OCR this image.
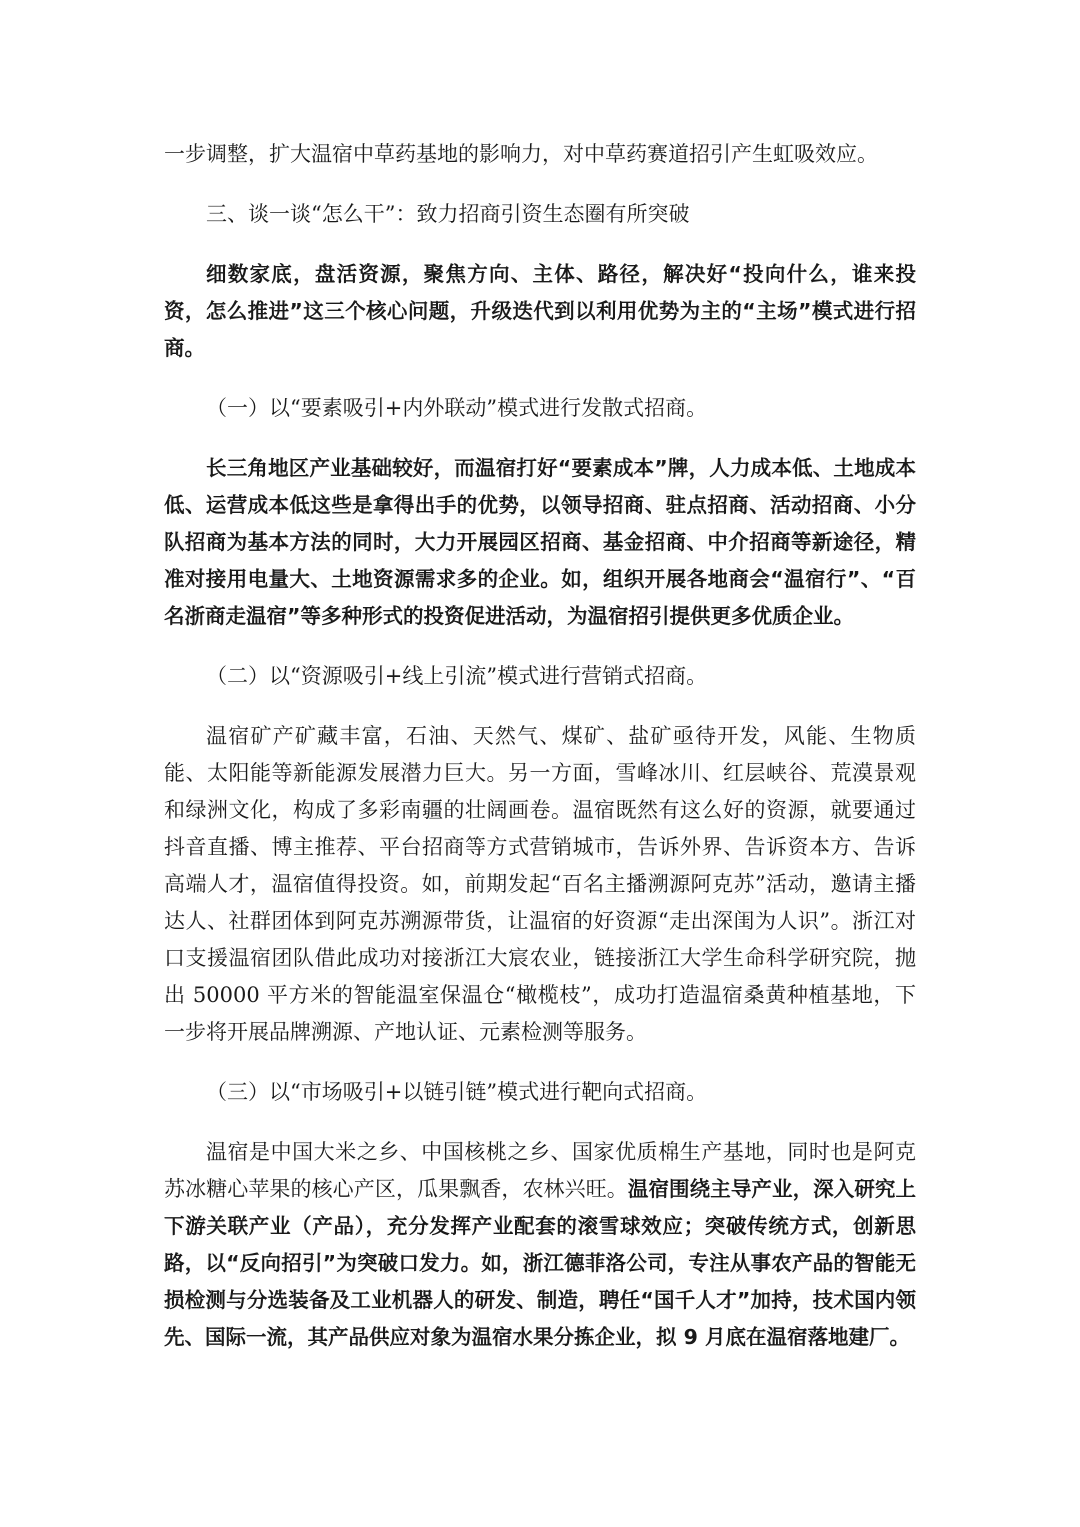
一步调整，扩大温宿中草药基地的影响力，对中草药赛道招引产生虹吸效应。

三、谈一谈“怎么干”：致力招商引资生态圈有所突破

细数家底，盘活资源，聚焦方向、主体、路径，解决好“投向什么，谁来投资，怎么推进”这三个核心问题，升级迭代到以利用优势为主的“主场”模式进行招商。

（一）以“要素吸引+内外联动”模式进行发散式招商。

长三角地区产业基础较好，而温宿打好“要素成本”牌，人力成本低、土地成本低、运营成本低这些是拿得出手的优势，以领导招商、驻点招商、活动招商、小分队招商为基本方法的同时，大力开展园区招商、基金招商、中介招商等新途径，精准对接用电量大、土地资源需求多的企业。如，组织开展各地商会“温宿行”、“百名浙商走温宿”等多种形式的投资促进活动，为温宿招引提供更多优质企业。

（二）以“资源吸引+线上引流”模式进行营销式招商。

温宿矿产矿藏丰富，石油、天然气、煤矿、盐矿亟待开发，风能、生物质能、太阳能等新能源发展潜力巨大。另一方面，雪峰冰川、红层峡谷、荒漠景观和绿洲文化，构成了多彩南疆的壮阔画卷。温宿既然有这么好的资源，就要通过抖音直播、博主推荐、平台招商等方式营销城市，告诉外界、告诉资本方、告诉高端人才，温宿值得投资。如，前期发起“百名主播溯源阿克苏”活动，邀请主播达人、社群团体到阿克苏溯源带货，让温宿的好资源“走出深闺为人识”。浙江对口支援温宿团队借此成功对接浙江大宸农业，链接浙江大学生命科学研究院，抛出 50000 平方米的智能温室保温仓“橄榄枝”，成功打造温宿桑黄种植基地，下一步将开展品牌溯源、产地认证、元素检测等服务。

（三）以“市场吸引+以链引链”模式进行靶向式招商。

温宿是中国大米之乡、中国核桃之乡、国家优质棉生产基地，同时也是阿克苏冰糖心苹果的核心产区，瓜果飘香，农林兴旺。温宿围绕主导产业，深入研究上下游关联产业（产品），充分发挥产业配套的滚雪球效应；突破传统方式，创新思路，以“反向招引”为突破口发力。如，浙江德菲洛公司，专注从事农产品的智能无损检测与分选装备及工业机器人的研发、制造，聘任“国千人才”加持，技术国内领先、国际一流，其产品供应对象为温宿水果分拣企业，拟 9 月底在温宿落地建厂。
